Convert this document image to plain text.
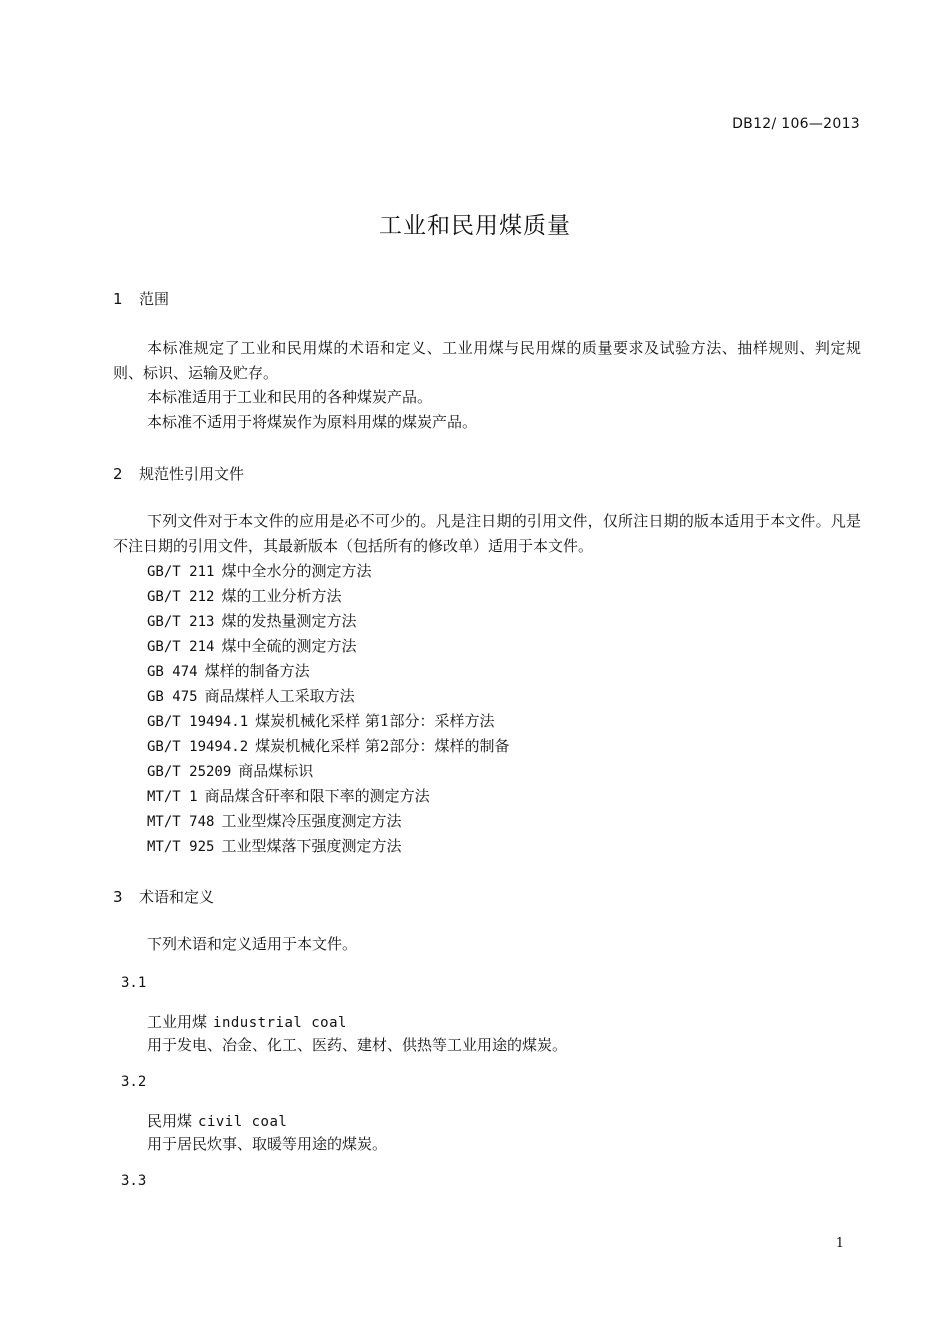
DB12/ 106—2013
工业和民用煤质量
1 范围
本标准规定了工业和民用煤的术语和定义、工业用煤与民用煤的质量要求及试验方法、抽样规则、判定规则、标识、运输及贮存。
本标准适用于工业和民用的各种煤炭产品。
本标准不适用于将煤炭作为原料用煤的煤炭产品。
2 规范性引用文件
下列文件对于本文件的应用是必不可少的。凡是注日期的引用文件，仅所注日期的版本适用于本文件。凡是不注日期的引用文件，其最新版本（包括所有的修改单）适用于本文件。
GB/T 211 煤中全水分的测定方法
GB/T 212 煤的工业分析方法
GB/T 213 煤的发热量测定方法
GB/T 214 煤中全硫的测定方法
GB 474 煤样的制备方法
GB 475 商品煤样人工采取方法
GB/T 19494.1 煤炭机械化采样 第1部分：采样方法
GB/T 19494.2 煤炭机械化采样 第2部分：煤样的制备
GB/T 25209 商品煤标识
MT/T 1 商品煤含矸率和限下率的测定方法
MT/T 748 工业型煤冷压强度测定方法
MT/T 925 工业型煤落下强度测定方法
3 术语和定义
下列术语和定义适用于本文件。
3.1
工业用煤 industrial coal
用于发电、冶金、化工、医药、建材、供热等工业用途的煤炭。
3.2
民用煤 civil coal
用于居民炊事、取暖等用途的煤炭。
3.3
1
